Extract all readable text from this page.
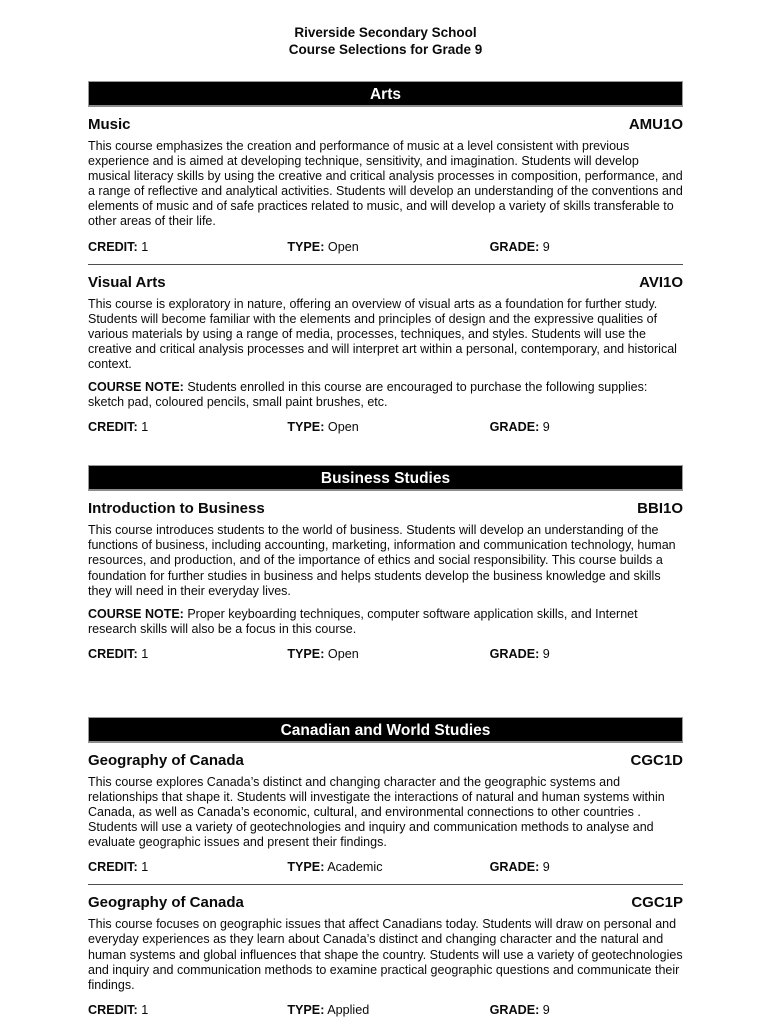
Riverside Secondary School
Course Selections for Grade 9
Arts
Music	AMU1O

This course emphasizes the creation and performance of music at a level consistent with previous experience and is aimed at developing technique, sensitivity, and imagination. Students will develop musical literacy skills by using the creative and critical analysis processes in composition, performance, and a range of reflective and analytical activities. Students will develop an understanding of the conventions and elements of music and of safe practices related to music, and will develop a variety of skills transferable to other areas of their life.

CREDIT: 1	TYPE: Open	GRADE: 9
Visual Arts	AVI1O

This course is exploratory in nature, offering an overview of visual arts as a foundation for further study. Students will become familiar with the elements and principles of design and the expressive qualities of various materials by using a range of media, processes, techniques, and styles. Students will use the creative and critical analysis processes and will interpret art within a personal, contemporary, and historical context.

COURSE NOTE: Students enrolled in this course are encouraged to purchase the following supplies: sketch pad, coloured pencils, small paint brushes, etc.

CREDIT: 1	TYPE: Open	GRADE: 9
Business Studies
Introduction to Business	BBI1O

This course introduces students to the world of business. Students will develop an understanding of the functions of business, including accounting, marketing, information and communication technology, human resources, and production, and of the importance of ethics and social responsibility. This course builds a foundation for further studies in business and helps students develop the business knowledge and skills they will need in their everyday lives.

COURSE NOTE: Proper keyboarding techniques, computer software application skills, and Internet research skills will also be a focus in this course.

CREDIT: 1	TYPE: Open	GRADE: 9
Canadian and World Studies
Geography of Canada	CGC1D

This course explores Canada’s distinct and changing character and the geographic systems and relationships that shape it. Students will investigate the interactions of natural and human systems within Canada, as well as Canada’s economic, cultural, and environmental connections to other countries . Students will use a variety of geotechnologies and inquiry and communication methods to analyse and evaluate geographic issues and present their findings.

CREDIT: 1	TYPE: Academic	GRADE: 9
Geography of Canada	CGC1P

This course focuses on geographic issues that affect Canadians today. Students will draw on personal and everyday experiences as they learn about Canada’s distinct and changing character and the natural and human systems and global influences that shape the country. Students will use a variety of geotechnologies and inquiry and communication methods to examine practical geographic questions and communicate their findings.

CREDIT: 1	TYPE: Applied	GRADE: 9
